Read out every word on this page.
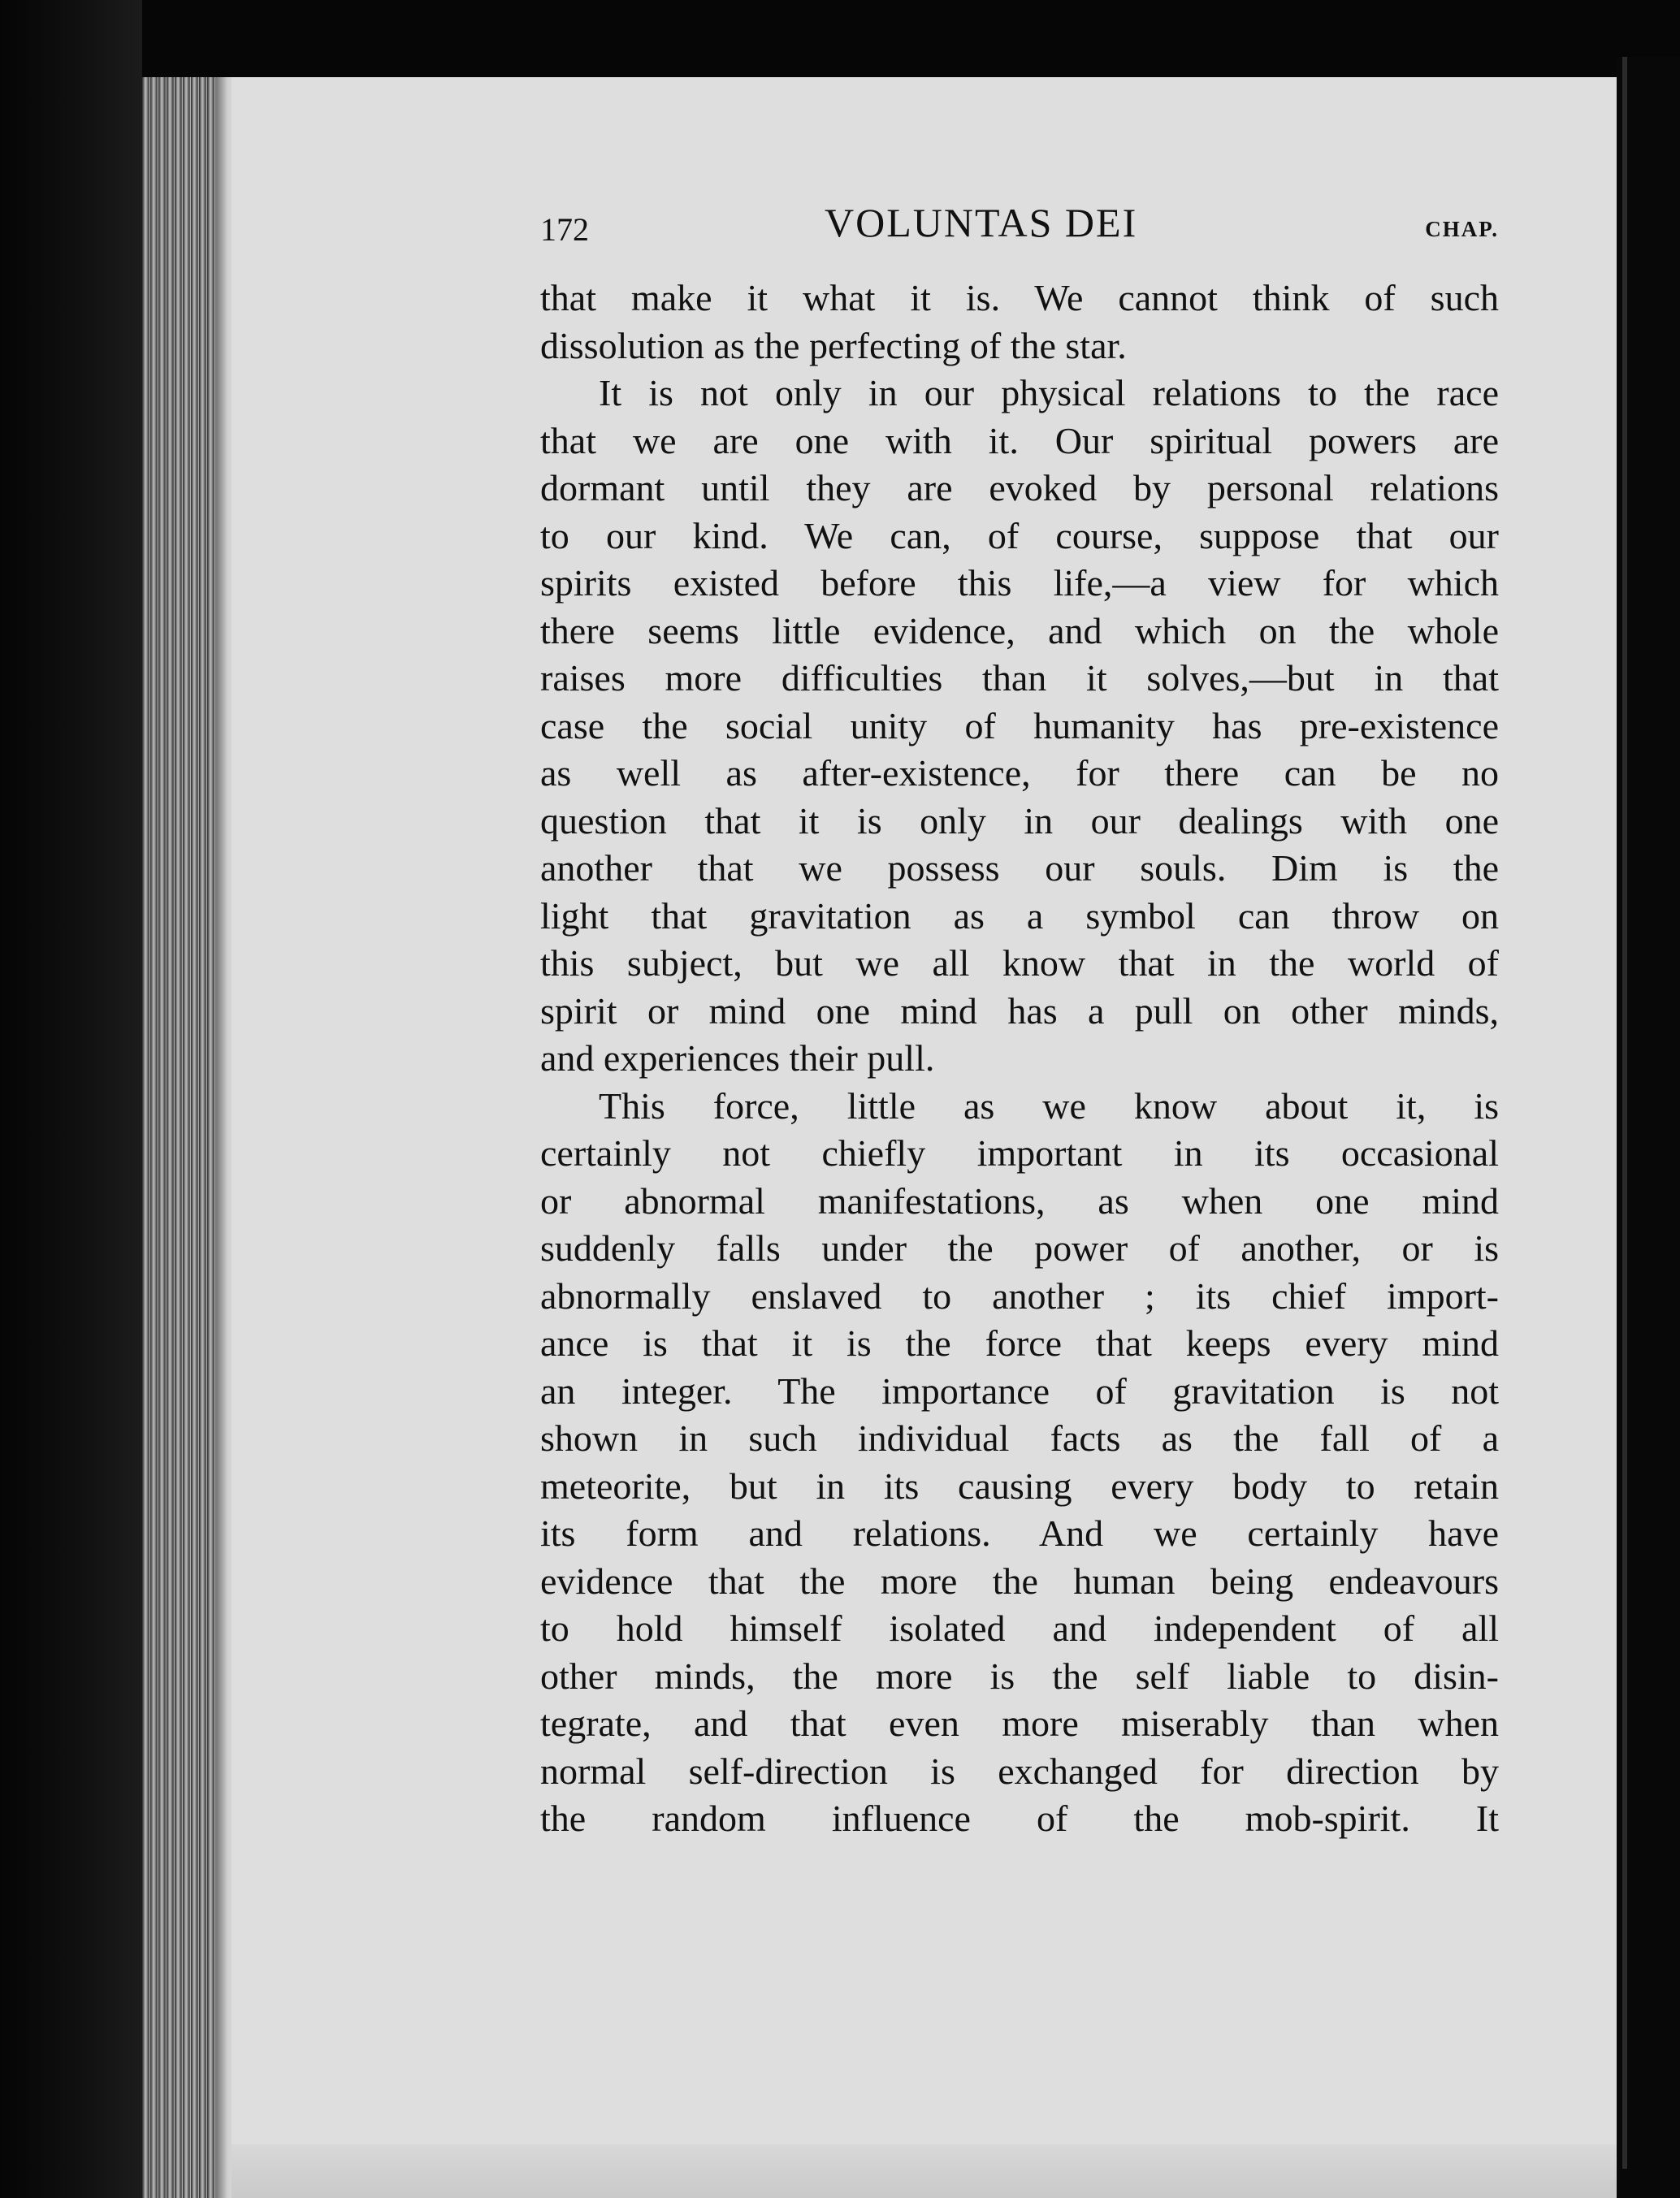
172	VOLUNTAS DEI	CHAP.
that make it what it is. We cannot think of such
dissolution as the perfecting of the star.
It is not only in our physical relations to the race
that we are one with it. Our spiritual powers are
dormant until they are evoked by personal relations
to our kind. We can, of course, suppose that our
spirits existed before this life,—a view for which
there seems little evidence, and which on the whole
raises more difficulties than it solves,—but in that
case the social unity of humanity has pre-existence
as well as after-existence, for there can be no
question that it is only in our dealings with one
another that we possess our souls. Dim is the
light that gravitation as a symbol can throw on
this subject, but we all know that in the world of
spirit or mind one mind has a pull on other minds,
and experiences their pull.
This force, little as we know about it, is
certainly not chiefly important in its occasional
or abnormal manifestations, as when one mind
suddenly falls under the power of another, or is
abnormally enslaved to another ; its chief import-
ance is that it is the force that keeps every mind
an integer. The importance of gravitation is not
shown in such individual facts as the fall of a
meteorite, but in its causing every body to retain
its form and relations. And we certainly have
evidence that the more the human being endeavours
to hold himself isolated and independent of all
other minds, the more is the self liable to disin-
tegrate, and that even more miserably than when
normal self-direction is exchanged for direction by
the random influence of the mob-spirit. It
